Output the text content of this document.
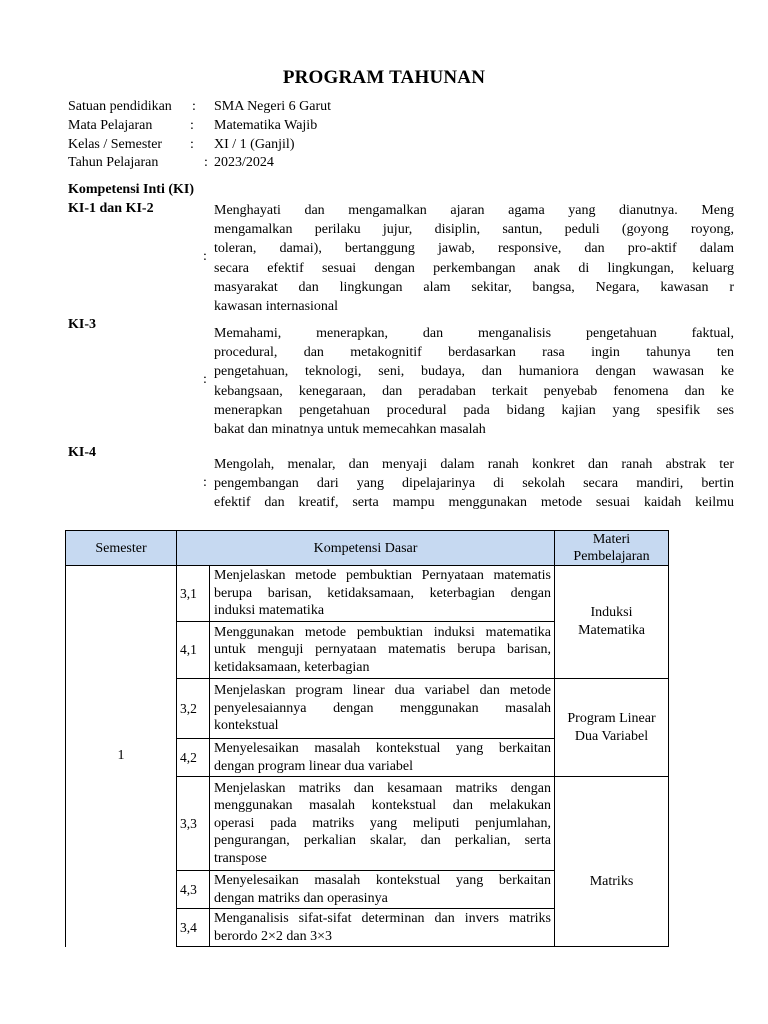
PROGRAM TAHUNAN
Satuan pendidikan : SMA Negeri 6 Garut
Mata Pelajaran	: Matematika Wajib
Kelas / Semester : XI / 1 (Ganjil)
Tahun Pelajaran	: 2023/2024
Kompetensi Inti (KI)
KI-1 dan KI-2
:
Menghayati dan mengamalkan ajaran agama yang dianutnya. Meng
mengamalkan perilaku jujur, disiplin, santun, peduli (goyong royong,
toleran, damai), bertanggung jawab, responsive, dan pro-aktif dalam
secara efektif sesuai dengan perkembangan anak di lingkungan, keluarg
masyarakat dan lingkungan alam sekitar, bangsa, Negara, kawasan r
kawasan internasional
KI-3
:
Memahami, menerapkan, dan menganalisis pengetahuan faktual,
procedural, dan metakognitif berdasarkan rasa ingin tahunya ten
pengetahuan, teknologi, seni, budaya, dan humaniora dengan wawasan ke
kebangsaan, kenegaraan, dan peradaban terkait penyebab fenomena dan ke
menerapkan pengetahuan procedural pada bidang kajian yang spesifik ses
bakat dan minatnya untuk memecahkan masalah
KI-4
:
Mengolah, menalar, dan menyaji dalam ranah konkret dan ranah abstrak ter
pengembangan dari yang dipelajarinya di sekolah secara mandiri, bertin
efektif dan kreatif, serta mampu menggunakan metode sesuai kaidah keilmu
Semester	Kompetensi Dasar		Materi Pembelajaran
1	3,1	Menjelaskan metode pembuktian Pernyataan matematis
berupa barisan, ketidaksamaan, keterbagian dengan
induksi matematika	Induksi Matematika
	4,1	Menggunakan metode pembuktian induksi matematika
untuk menguji pernyataan matematis berupa barisan,
ketidaksamaan, keterbagian	

	3,2	Menjelaskan program linear dua variabel dan metode
penyelesaiannya dengan menggunakan masalah
kontekstual	Program Linear Dua Variabel
	4,2	Menyelesaikan masalah kontekstual yang berkaitan
dengan program linear dua variabel	

	3,3	Menjelaskan matriks dan kesamaan matriks dengan
menggunakan masalah kontekstual dan melakukan
operasi pada matriks yang meliputi penjumlahan,
pengurangan, perkalian skalar, dan perkalian, serta
transpose	Matriks
	4,3	Menyelesaikan masalah kontekstual yang berkaitan
dengan matriks dan operasinya	

	3,4	Menganalisis sifat-sifat determinan dan invers matriks
berordo 2×2 dan 3×3	
